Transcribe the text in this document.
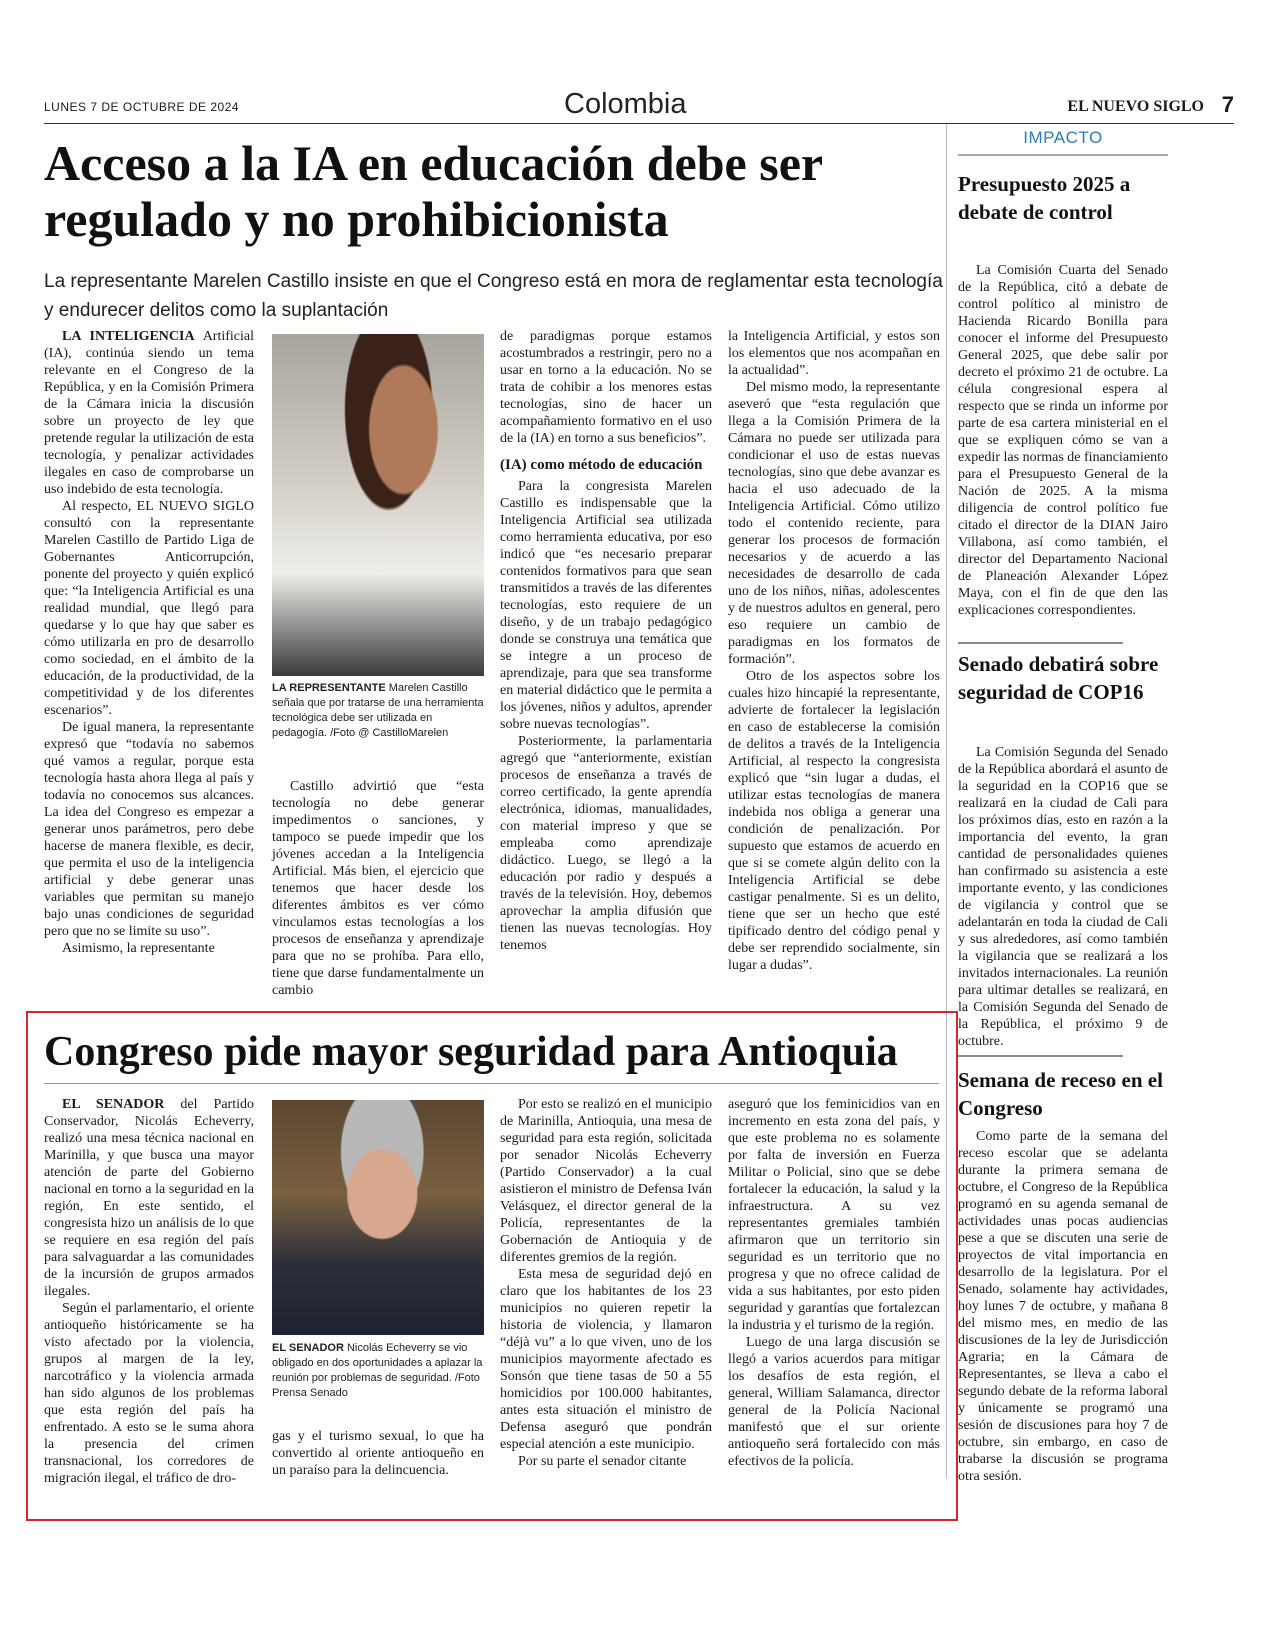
LUNES 7 DE OCTUBRE DE 2024	Colombia	EL NUEVO SIGLO 7
Acceso a la IA en educación debe ser regulado y no prohibicionista
La representante Marelen Castillo insiste en que el Congreso está en mora de reglamentar esta tecnología y endurecer delitos como la suplantación

LA INTELIGENCIA Artificial (IA), continúa siendo un tema relevante en el Congreso de la República, y en la Comisión Primera de la Cámara inicia la discusión sobre un proyecto de ley que pretende regular la utilización de esta tecnología, y penalizar actividades ilegales en caso de comprobarse un uso indebido de esta tecnología.

Al respecto, EL NUEVO SIGLO consultó con la representante Marelen Castillo de Partido Liga de Gobernantes Anticorrupción, ponente del proyecto y quién explicó que: “la Inteligencia Artificial es una realidad mundial, que llegó para quedarse y lo que hay que saber es cómo utilizarla en pro de desarrollo como sociedad, en el ámbito de la educación, de la productividad, de la competitividad y de los diferentes escenarios”.

De igual manera, la representante expresó que “todavía no sabemos qué vamos a regular, porque esta tecnología hasta ahora llega al país y todavía no conocemos sus alcances. La idea del Congreso es empezar a generar unos parámetros, pero debe hacerse de manera flexible, es decir, que permita el uso de la inteligencia artificial y debe generar unas variables que permitan su manejo bajo unas condiciones de seguridad pero que no se limite su uso”.

Asimismo, la representante

LA REPRESENTANTE Marelen Castillo señala que por tratarse de una herramienta tecnológica debe ser utilizada en pedagogía. /Foto @ CastilloMarelen

Castillo advirtió que “esta tecnología no debe generar impedimentos o sanciones, y tampoco se puede impedir que los jóvenes accedan a la Inteligencia Artificial. Más bien, el ejercicio que tenemos que hacer desde los diferentes ámbitos es ver cómo vinculamos estas tecnologías a los procesos de enseñanza y aprendizaje para que no se prohíba. Para ello, tiene que darse fundamentalmente un cambio

de paradigmas porque estamos acostumbrados a restringir, pero no a usar en torno a la educación. No se trata de cohibir a los menores estas tecnologías, sino de hacer un acompañamiento formativo en el uso de la (IA) en torno a sus beneficios”.

(IA) como método de educación

Para la congresista Marelen Castillo es indispensable que la Inteligencia Artificial sea utilizada como herramienta educativa, por eso indicó que “es necesario preparar contenidos formativos para que sean transmitidos a través de las diferentes tecnologías, esto requiere de un diseño, y de un trabajo pedagógico donde se construya una temática que se integre a un proceso de aprendizaje, para que sea transforme en material didáctico que le permita a los jóvenes, niños y adultos, aprender sobre nuevas tecnologías”.

Posteriormente, la parlamentaria agregó que “anteriormente, existían procesos de enseñanza a través de correo certificado, la gente aprendía electrónica, idiomas, manualidades, con material impreso y que se empleaba como aprendizaje didáctico. Luego, se llegó a la educación por radio y después a través de la televisión. Hoy, debemos aprovechar la amplia difusión que tienen las nuevas tecnologías. Hoy tenemos

la Inteligencia Artificial, y estos son los elementos que nos acompañan en la actualidad”.

Del mismo modo, la representante aseveró que “esta regulación que llega a la Comisión Primera de la Cámara no puede ser utilizada para condicionar el uso de estas nuevas tecnologías, sino que debe avanzar es hacia el uso adecuado de la Inteligencia Artificial. Cómo utilizo todo el contenido reciente, para generar los procesos de formación necesarios y de acuerdo a las necesidades de desarrollo de cada uno de los niños, niñas, adolescentes y de nuestros adultos en general, pero eso requiere un cambio de paradigmas en los formatos de formación”.

Otro de los aspectos sobre los cuales hizo hincapié la representante, advierte de fortalecer la legislación en caso de establecerse la comisión de delitos a través de la Inteligencia Artificial, al respecto la congresista explicó que “sin lugar a dudas, el utilizar estas tecnologías de manera indebida nos obliga a generar una condición de penalización. Por supuesto que estamos de acuerdo en que si se comete algún delito con la Inteligencia Artificial se debe castigar penalmente. Si es un delito, tiene que ser un hecho que esté tipificado dentro del código penal y debe ser reprendido socialmente, sin lugar a dudas”.

IMPACTO
Presupuesto 2025 a debate de control

La Comisión Cuarta del Senado de la República, citó a debate de control político al ministro de Hacienda Ricardo Bonilla para conocer el informe del Presupuesto General 2025, que debe salir por decreto el próximo 21 de octubre. La célula congresional espera al respecto que se rinda un informe por parte de esa cartera ministerial en el que se expliquen cómo se van a expedir las normas de financiamiento para el Presupuesto General de la Nación de 2025. A la misma diligencia de control político fue citado el director de la DIAN Jairo Villabona, así como también, el director del Departamento Nacional de Planeación Alexander López Maya, con el fin de que den las explicaciones correspondientes.

Senado debatirá sobre seguridad de COP16

La Comisión Segunda del Senado de la República abordará el asunto de la seguridad en la COP16 que se realizará en la ciudad de Cali para los próximos días, esto en razón a la importancia del evento, la gran cantidad de personalidades quienes han confirmado su asistencia a este importante evento, y las condiciones de vigilancia y control que se adelantarán en toda la ciudad de Cali y sus alrededores, así como también la vigilancia que se realizará a los invitados internacionales. La reunión para ultimar detalles se realizará, en la Comisión Segunda del Senado de la República, el próximo 9 de octubre.

Semana de receso en el Congreso

Como parte de la semana del receso escolar que se adelanta durante la primera semana de octubre, el Congreso de la República programó en su agenda semanal de actividades unas pocas audiencias pese a que se discuten una serie de proyectos de vital importancia en desarrollo de la legislatura. Por el Senado, solamente hay actividades, hoy lunes 7 de octubre, y mañana 8 del mismo mes, en medio de las discusiones de la ley de Jurisdicción Agraria; en la Cámara de Representantes, se lleva a cabo el segundo debate de la reforma laboral y únicamente se programó una sesión de discusiones para hoy 7 de octubre, sin embargo, en caso de trabarse la discusión se programa otra sesión.

Congreso pide mayor seguridad para Antioquia

EL SENADOR del Partido Conservador, Nicolás Echeverry, realizó una mesa técnica nacional en Marinilla, y que busca una mayor atención de parte del Gobierno nacional en torno a la seguridad en la región, En este sentido, el congresista hizo un análisis de lo que se requiere en esa región del país para salvaguardar a las comunidades de la incursión de grupos armados ilegales.

Según el parlamentario, el oriente antioqueño históricamente se ha visto afectado por la violencia, grupos al margen de la ley, narcotráfico y la violencia armada han sido algunos de los problemas que esta región del país ha enfrentado. A esto se le suma ahora la presencia del crimen transnacional, los corredores de migración ilegal, el tráfico de dro-

EL SENADOR Nicolás Echeverry se vio obligado en dos oportunidades a aplazar la reunión por problemas de seguridad. /Foto Prensa Senado

gas y el turismo sexual, lo que ha convertido al oriente antioqueño en un paraíso para la delincuencia.

Por esto se realizó en el municipio de Marinilla, Antioquia, una mesa de seguridad para esta región, solicitada por senador Nicolás Echeverry (Partido Conservador) a la cual asistieron el ministro de Defensa Iván Velásquez, el director general de la Policía, representantes de la Gobernación de Antioquia y de diferentes gremios de la región.

Esta mesa de seguridad dejó en claro que los habitantes de los 23 municipios no quieren repetir la historia de violencia, y llamaron “déjà vu” a lo que viven, uno de los municipios mayormente afectado es Sonsón que tiene tasas de 50 a 55 homicidios por 100.000 habitantes, antes esta situación el ministro de Defensa aseguró que pondrán especial atención a este municipio.

Por su parte el senador citante

aseguró que los feminicidios van en incremento en esta zona del país, y que este problema no es solamente por falta de inversión en Fuerza Militar o Policial, sino que se debe fortalecer la educación, la salud y la infraestructura. A su vez representantes gremiales también afirmaron que un territorio sin seguridad es un territorio que no progresa y que no ofrece calidad de vida a sus habitantes, por esto piden seguridad y garantías que fortalezcan la industria y el turismo de la región.

Luego de una larga discusión se llegó a varios acuerdos para mitigar los desafíos de esta región, el general, William Salamanca, director general de la Policía Nacional manifestó que el sur oriente antioqueño será fortalecido con más efectivos de la policía.
